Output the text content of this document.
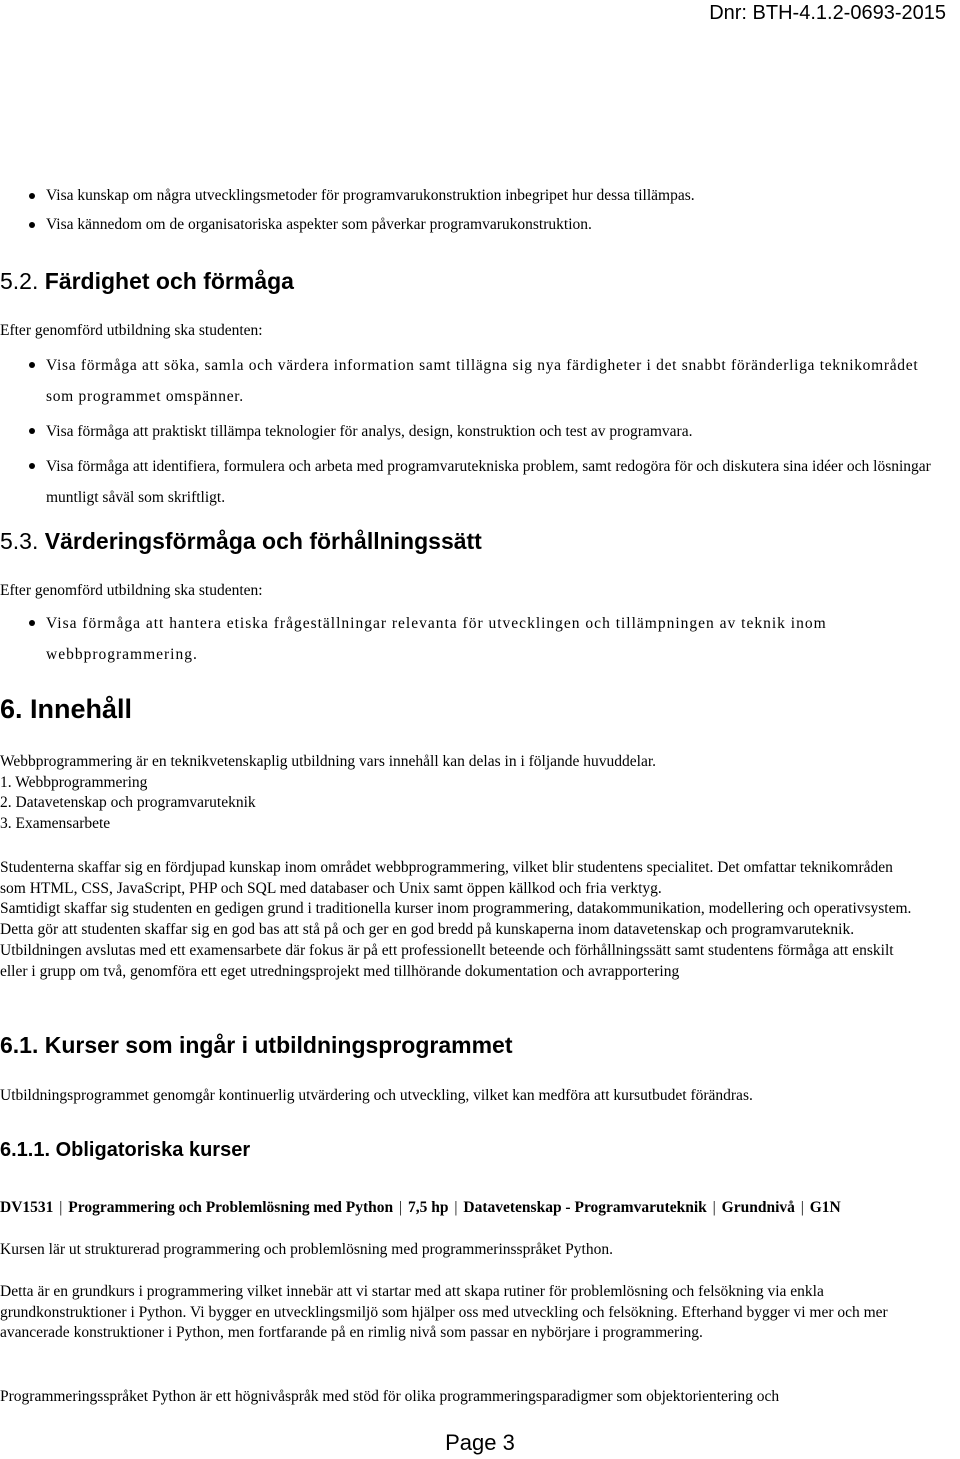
Dnr: BTH-4.1.2-0693-2015
Visa kunskap om några utvecklingsmetoder för programvarukonstruktion inbegripet hur dessa tillämpas.
Visa kännedom om de organisatoriska aspekter som påverkar programvarukonstruktion.
5.2. Färdighet och förmåga
Efter genomförd utbildning ska studenten:
Visa förmåga att söka, samla och värdera information samt tillägna sig nya färdigheter i det snabbt föränderliga teknikområdet som programmet omspänner.
Visa förmåga att praktiskt tillämpa teknologier för analys, design, konstruktion och test av programvara.
Visa förmåga att identifiera, formulera och arbeta med programvarutekniska problem, samt redogöra för och diskutera sina idéer och lösningar muntligt såväl som skriftligt.
5.3. Värderingsförmåga och förhållningssätt
Efter genomförd utbildning ska studenten:
Visa förmåga att hantera etiska frågeställningar relevanta för utvecklingen och tillämpningen av teknik inom webbprogrammering.
6. Innehåll

Webbprogrammering är en teknikvetenskaplig utbildning vars innehåll kan delas in i följande huvuddelar.

1. Webbprogrammering

2. Datavetenskap och programvaruteknik

3. Examensarbete

Studenterna skaffar sig en fördjupad kunskap inom området webbprogrammering, vilket blir studentens specialitet. Det omfattar teknikområden som HTML, CSS, JavaScript, PHP och SQL med databaser och Unix samt öppen källkod och fria verktyg.

Samtidigt skaffar sig studenten en gedigen grund i traditionella kurser inom programmering, datakommunikation, modellering och operativsystem. Detta gör att studenten skaffar sig en god bas att stå på och ger en god bredd på kunskaperna inom datavetenskap och programvaruteknik.

Utbildningen avslutas med ett examensarbete där fokus är på ett professionellt beteende och förhållningssätt samt studentens förmåga att enskilt eller i grupp om två, genomföra ett eget utredningsprojekt med tillhörande dokumentation och avrapportering

6.1. Kurser som ingår i utbildningsprogrammet
Utbildningsprogrammet genomgår kontinuerlig utvärdering och utveckling, vilket kan medföra att kursutbudet förändras.
6.1.1. Obligatoriska kurser
DV1531 | Programmering och Problemlösning med Python | 7,5 hp | Datavetenskap - Programvaruteknik | Grundnivå | G1N
Kursen lär ut strukturerad programmering och problemlösning med programmerinsspråket Python.
Detta är en grundkurs i programmering vilket innebär att vi startar med att skapa rutiner för problemlösning och felsökning via enkla grundkonstruktioner i Python. Vi bygger en utvecklingsmiljö som hjälper oss med utveckling och felsökning. Efterhand bygger vi mer och mer avancerade konstruktioner i Python, men fortfarande på en rimlig nivå som passar en nybörjare i programmering.
Programmeringsspråket Python är ett högnivåspråk med stöd för olika programmeringsparadigmer som objektorientering och
Page 3
